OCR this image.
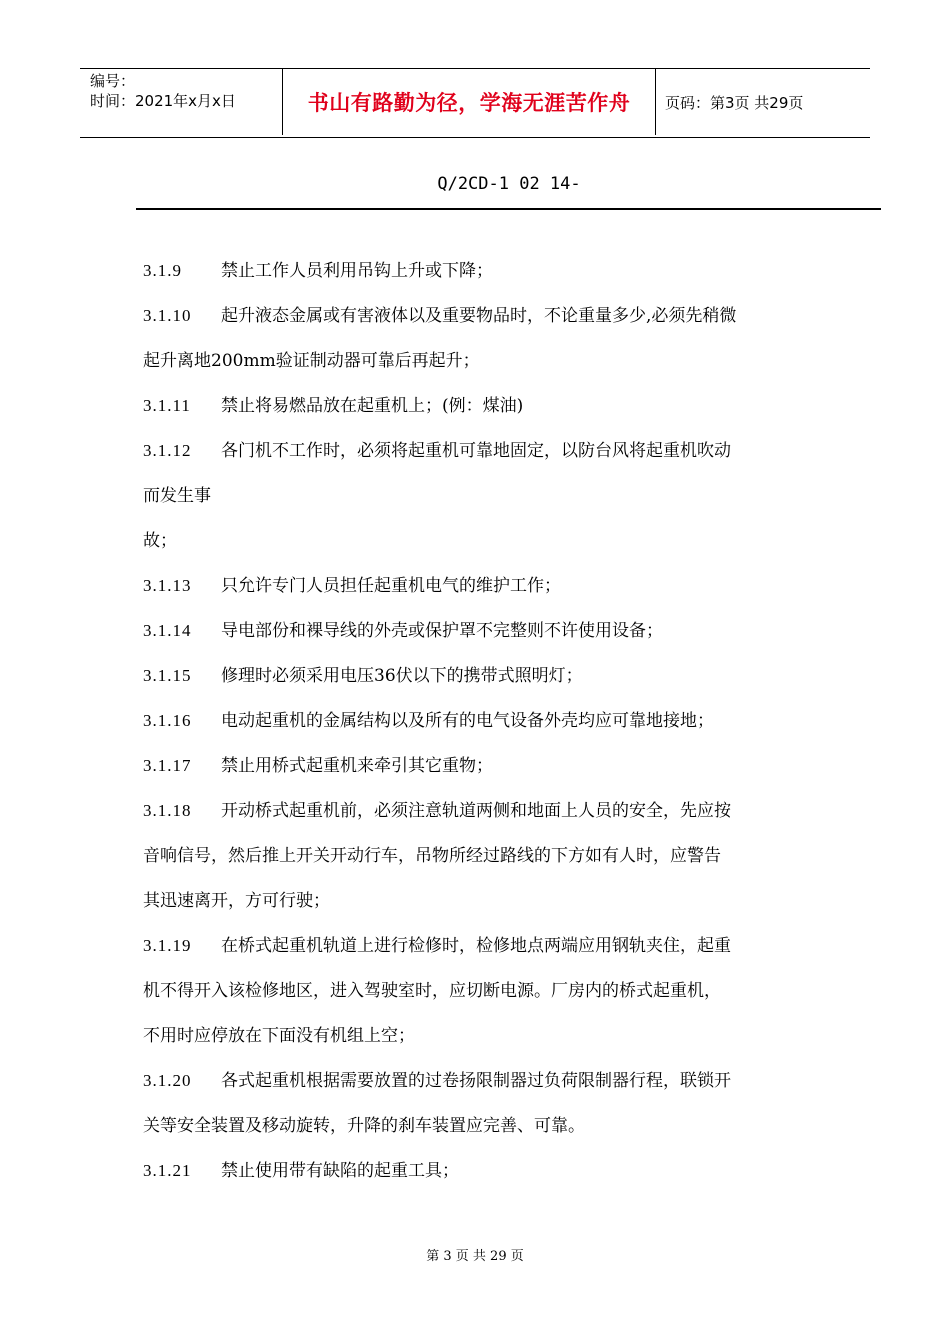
编号：
时间：2021年x月x日	书山有路勤为径，学海无涯苦作舟	页码：第3页 共29页
Q/2CD-1 02 14-
3.1.9 禁止工作人员利用吊钩上升或下降；
3.1.10 起升液态金属或有害液体以及重要物品时，不论重量多少,必须先稍微
起升离地200mm验证制动器可靠后再起升；
3.1.11 禁止将易燃品放在起重机上；(例：煤油)
3.1.12 各门机不工作时，必须将起重机可靠地固定，以防台风将起重机吹动
而发生事
故；
3.1.13 只允许专门人员担任起重机电气的维护工作；
3.1.14 导电部份和裸导线的外壳或保护罩不完整则不许使用设备；
3.1.15 修理时必须采用电压36伏以下的携带式照明灯；
3.1.16 电动起重机的金属结构以及所有的电气设备外壳均应可靠地接地；
3.1.17 禁止用桥式起重机来牵引其它重物；
3.1.18 开动桥式起重机前，必须注意轨道两侧和地面上人员的安全，先应按
音响信号，然后推上开关开动行车，吊物所经过路线的下方如有人时，应警告
其迅速离开，方可行驶；
3.1.19 在桥式起重机轨道上进行检修时，检修地点两端应用钢轨夹住，起重
机不得开入该检修地区，进入驾驶室时，应切断电源。厂房内的桥式起重机，
不用时应停放在下面没有机组上空；
3.1.20 各式起重机根据需要放置的过卷扬限制器过负荷限制器行程，联锁开
关等安全装置及移动旋转，升降的刹车装置应完善、可靠。
3.1.21 禁止使用带有缺陷的起重工具；
第 3 页 共 29 页
